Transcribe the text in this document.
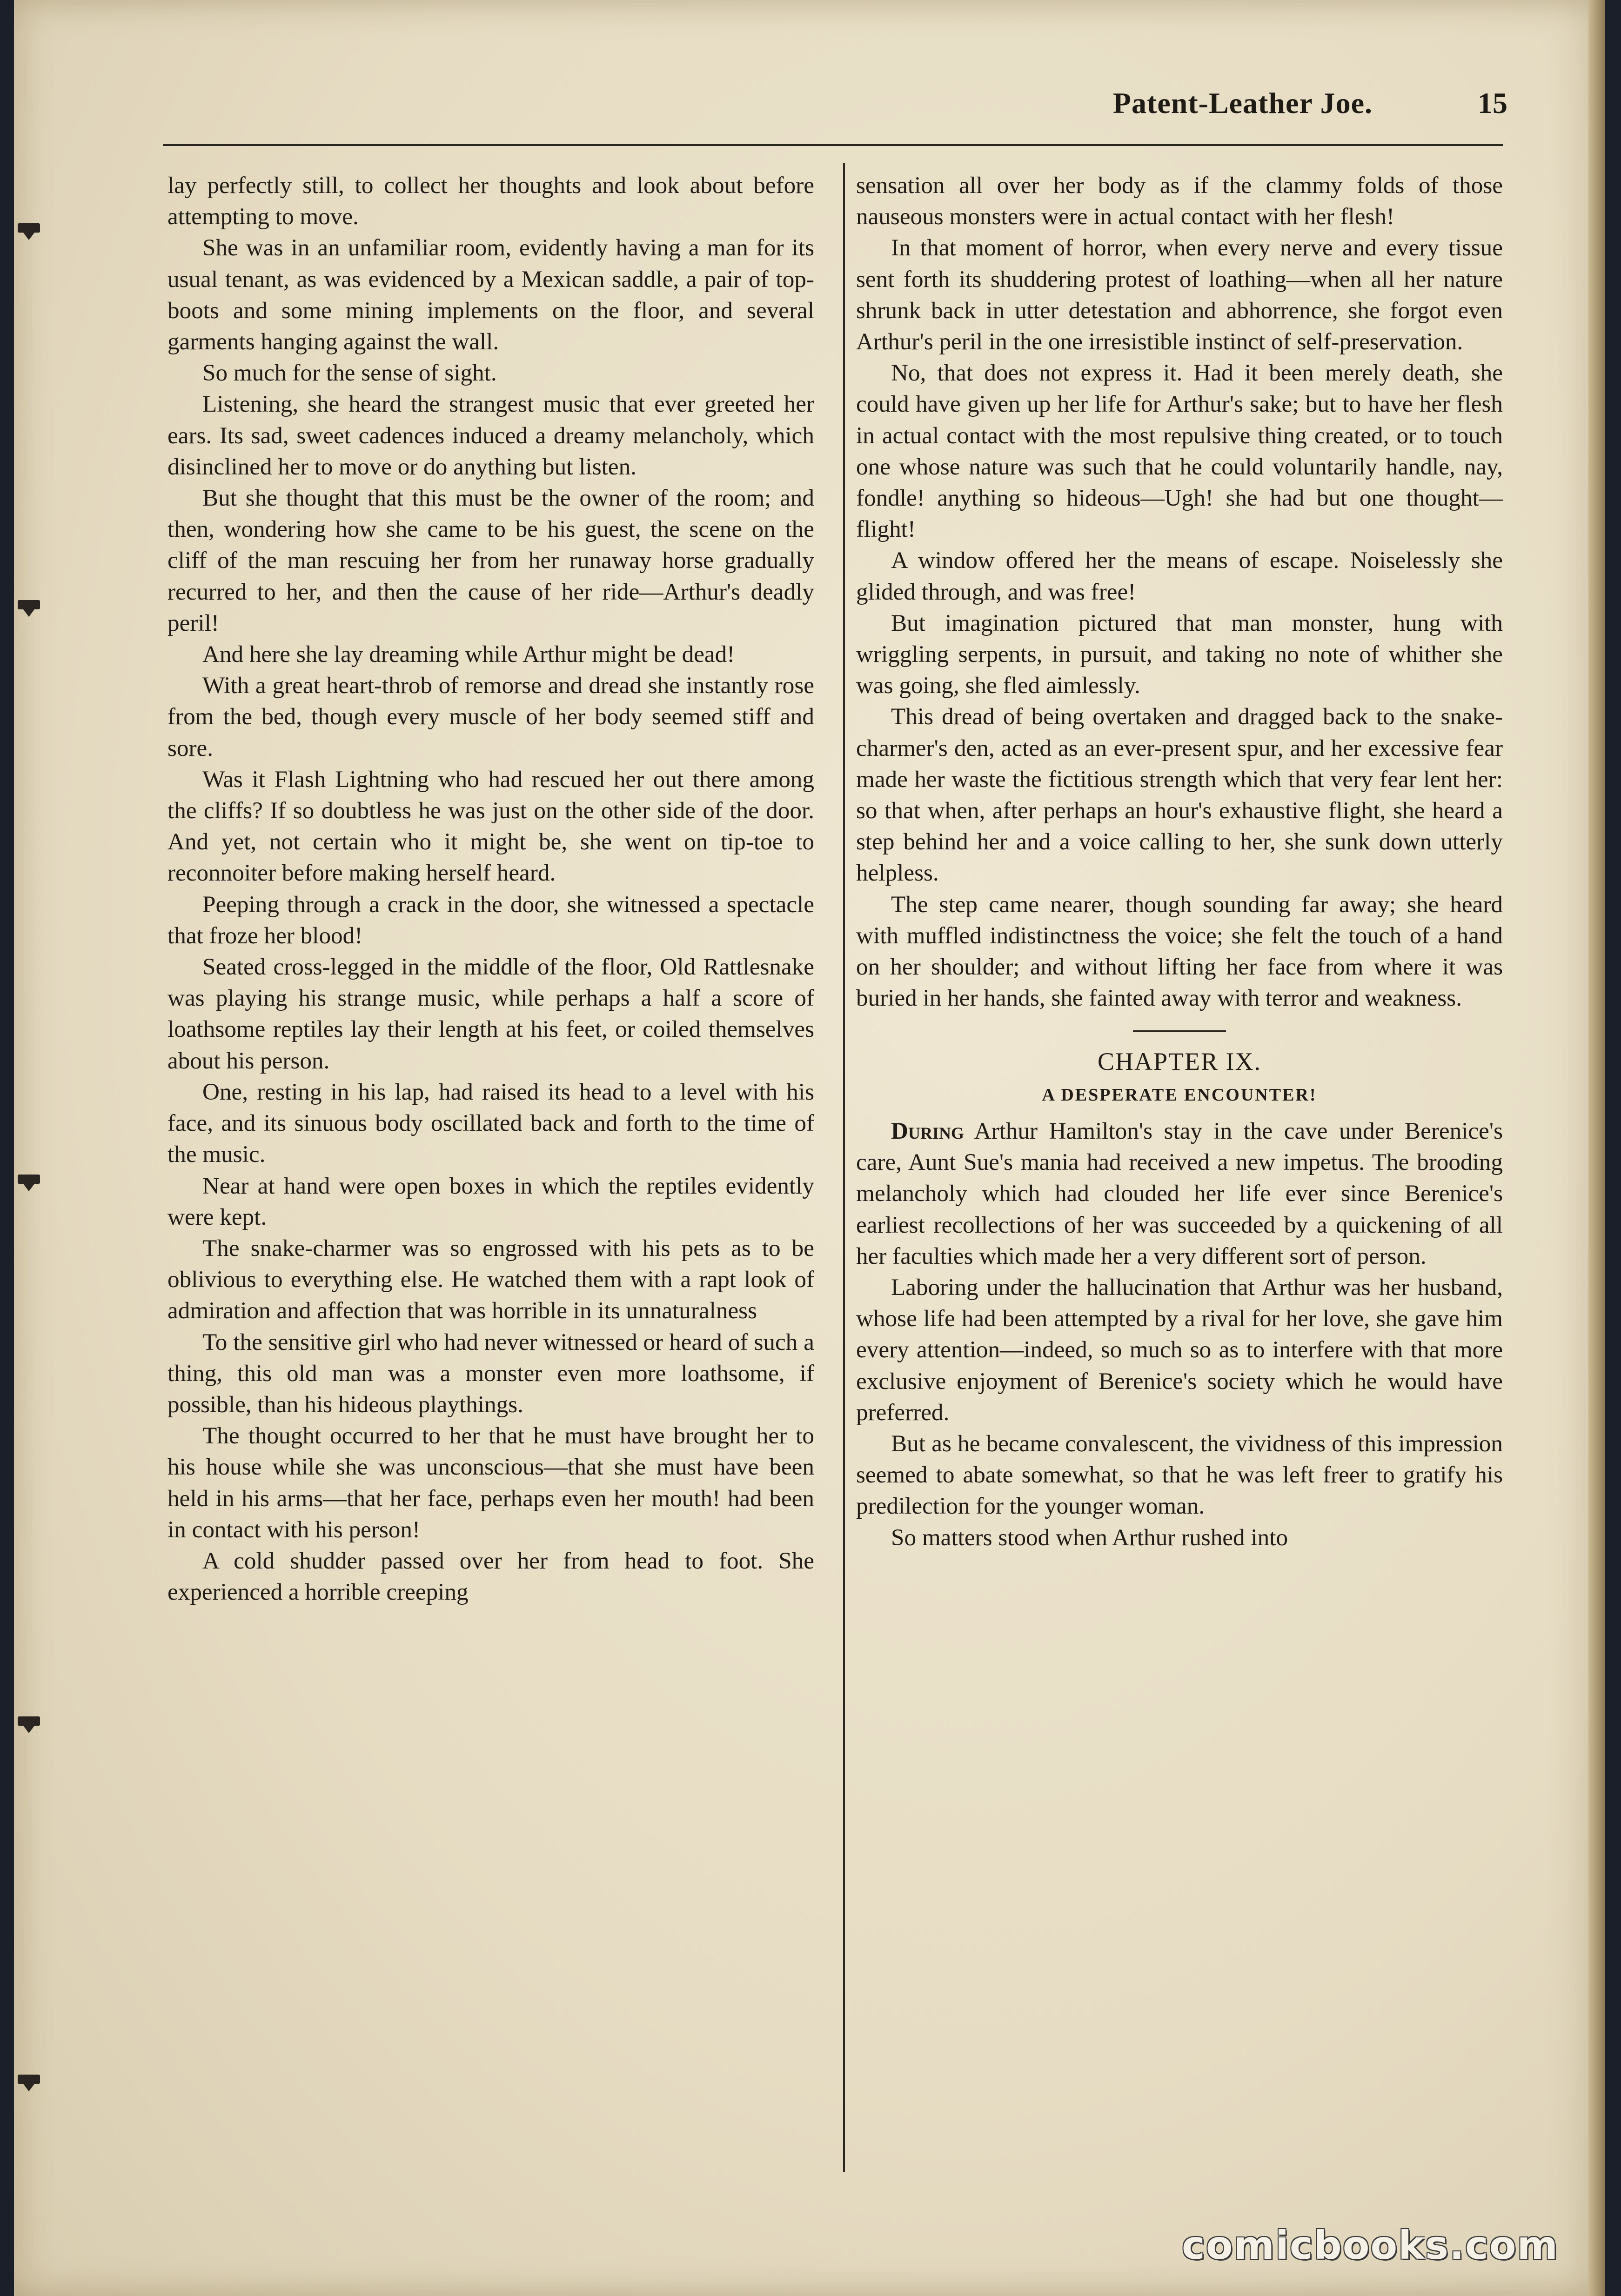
Patent-Leather Joe.	15

lay perfectly still, to collect her thoughts and look about before attempting to move.

She was in an unfamiliar room, evidently having a man for its usual tenant, as was evidenced by a Mexican saddle, a pair of top-boots and some mining implements on the floor, and several garments hanging against the wall.

So much for the sense of sight.

Listening, she heard the strangest music that ever greeted her ears. Its sad, sweet cadences induced a dreamy melancholy, which disinclined her to move or do anything but listen.

But she thought that this must be the owner of the room; and then, wondering how she came to be his guest, the scene on the cliff of the man rescuing her from her runaway horse gradually recurred to her, and then the cause of her ride—Arthur's deadly peril!

And here she lay dreaming while Arthur might be dead!

With a great heart-throb of remorse and dread she instantly rose from the bed, though every muscle of her body seemed stiff and sore.

Was it Flash Lightning who had rescued her out there among the cliffs? If so doubtless he was just on the other side of the door. And yet, not certain who it might be, she went on tip-toe to reconnoiter before making herself heard.

Peeping through a crack in the door, she witnessed a spectacle that froze her blood!

Seated cross-legged in the middle of the floor, Old Rattlesnake was playing his strange music, while perhaps a half a score of loathsome reptiles lay their length at his feet, or coiled themselves about his person.

One, resting in his lap, had raised its head to a level with his face, and its sinuous body oscillated back and forth to the time of the music.

Near at hand were open boxes in which the reptiles evidently were kept.

The snake-charmer was so engrossed with his pets as to be oblivious to everything else. He watched them with a rapt look of admiration and affection that was horrible in its unnaturalness

To the sensitive girl who had never witnessed or heard of such a thing, this old man was a monster even more loathsome, if possible, than his hideous playthings.

The thought occurred to her that he must have brought her to his house while she was unconscious—that she must have been held in his arms—that her face, perhaps even her mouth! had been in contact with his person!

A cold shudder passed over her from head to foot. She experienced a horrible creeping

sensation all over her body as if the clammy folds of those nauseous monsters were in actual contact with her flesh!

In that moment of horror, when every nerve and every tissue sent forth its shuddering protest of loathing—when all her nature shrunk back in utter detestation and abhorrence, she forgot even Arthur's peril in the one irresistible instinct of self-preservation.

No, that does not express it. Had it been merely death, she could have given up her life for Arthur's sake; but to have her flesh in actual contact with the most repulsive thing created, or to touch one whose nature was such that he could voluntarily handle, nay, fondle! anything so hideous—Ugh! she had but one thought—flight!

A window offered her the means of escape. Noiselessly she glided through, and was free!

But imagination pictured that man monster, hung with wriggling serpents, in pursuit, and taking no note of whither she was going, she fled aimlessly.

This dread of being overtaken and dragged back to the snake-charmer's den, acted as an ever-present spur, and her excessive fear made her waste the fictitious strength which that very fear lent her: so that when, after perhaps an hour's exhaustive flight, she heard a step behind her and a voice calling to her, she sunk down utterly helpless.

The step came nearer, though sounding far away; she heard with muffled indistinctness the voice; she felt the touch of a hand on her shoulder; and without lifting her face from where it was buried in her hands, she fainted away with terror and weakness.

CHAPTER IX.
A DESPERATE ENCOUNTER!

During Arthur Hamilton's stay in the cave under Berenice's care, Aunt Sue's mania had received a new impetus. The brooding melancholy which had clouded her life ever since Berenice's earliest recollections of her was succeeded by a quickening of all her faculties which made her a very different sort of person.

Laboring under the hallucination that Arthur was her husband, whose life had been attempted by a rival for her love, she gave him every attention—indeed, so much so as to interfere with that more exclusive enjoyment of Berenice's society which he would have preferred.

But as he became convalescent, the vividness of this impression seemed to abate somewhat, so that he was left freer to gratify his predilection for the younger woman.

So matters stood when Arthur rushed into

comicbooks.com
